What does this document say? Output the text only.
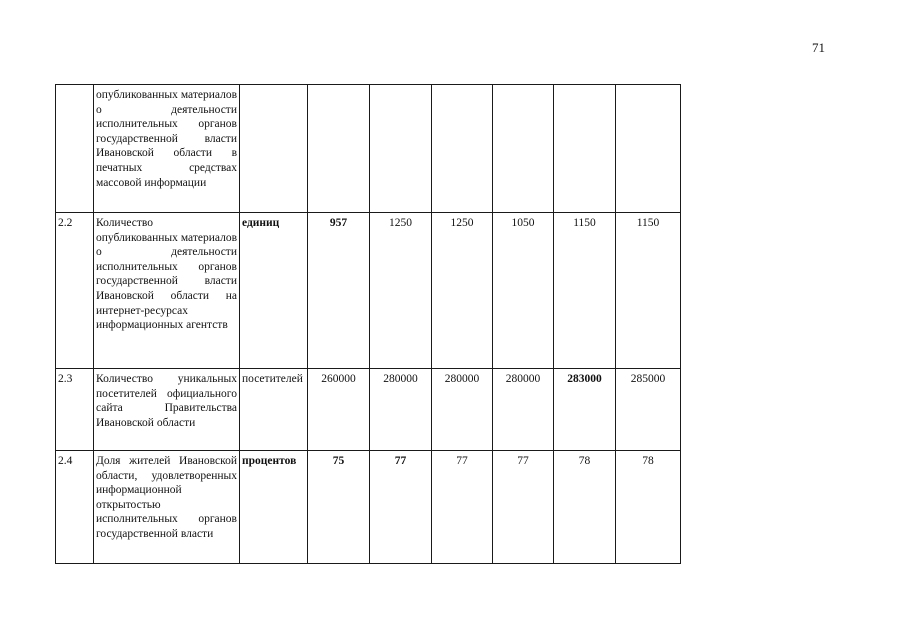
71
	опубликованных материалов о деятельности исполнительных органов государственной власти Ивановской области в печатных средствах массовой информации							
2.2	Количество опубликованных материалов о деятельности исполнительных органов государственной власти Ивановской области на интернет-ресурсах информационных агентств	единиц	957	1250	1250	1050	1150	1150
2.3	Количество уникальных посетителей официального сайта Правительства Ивановской области	посетителей	260000	280000	280000	280000	283000	285000
2.4	Доля жителей Ивановской области, удовлетворенных информационной открытостью исполнительных органов государственной власти	процентов	75	77	77	77	78	78
